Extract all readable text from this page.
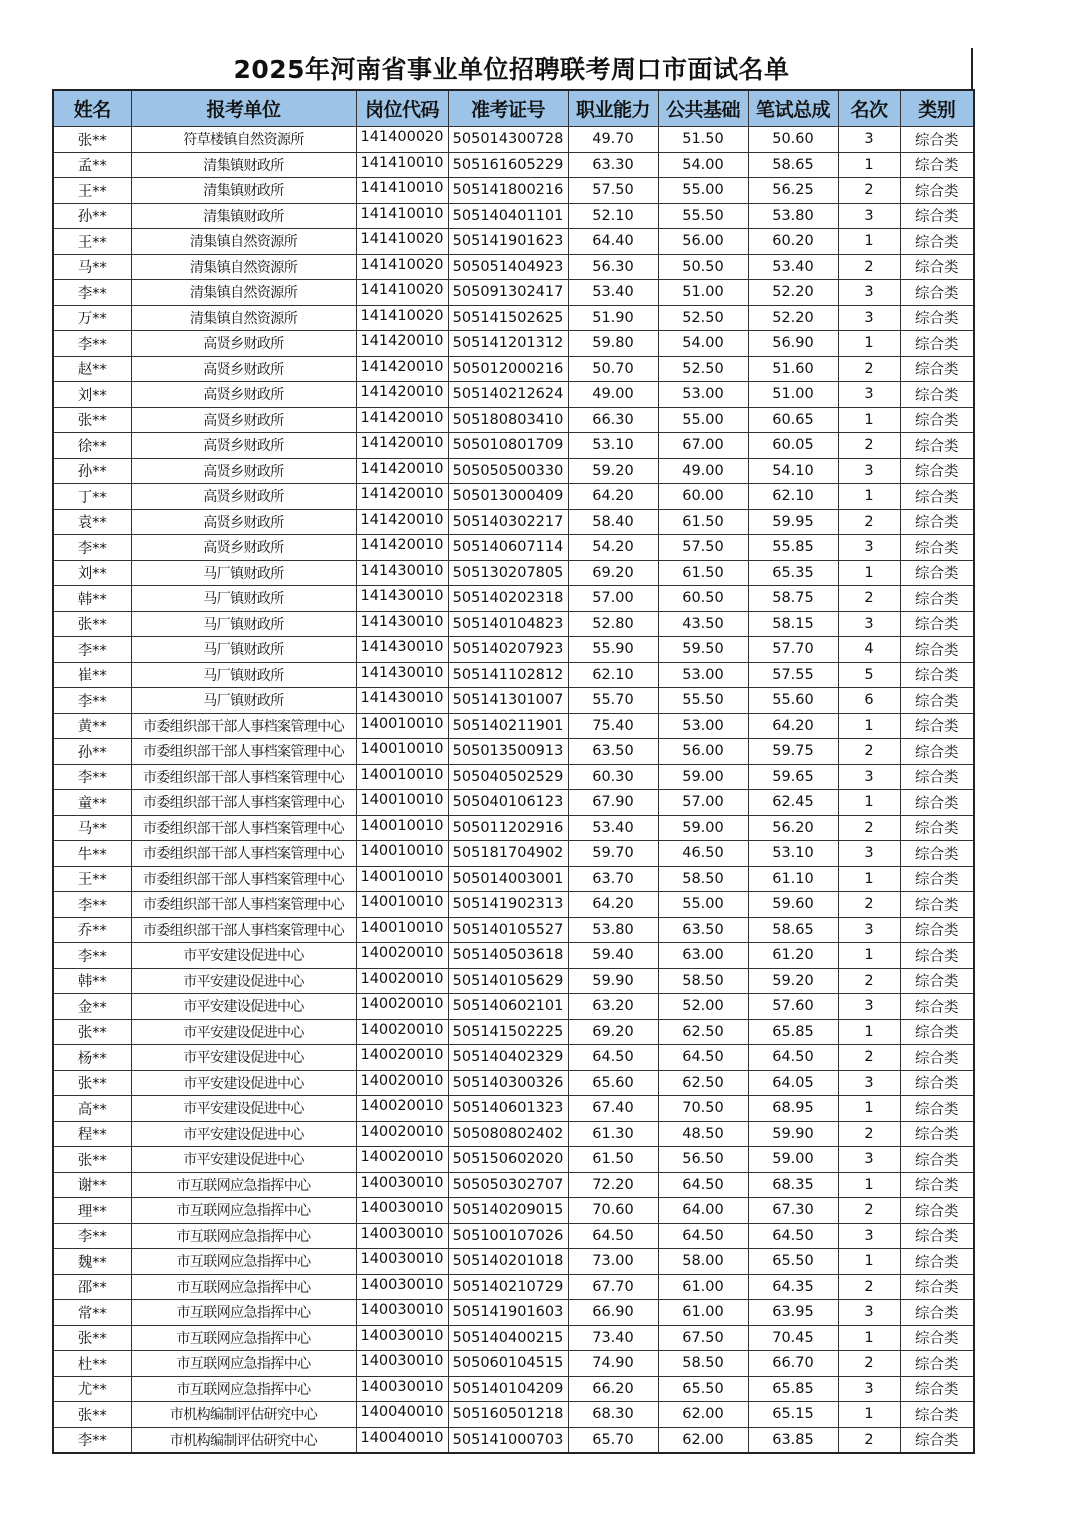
2025年河南省事业单位招聘联考周口市面试名单
姓名	报考单位	岗位代码	准考证号	职业能力	公共基础	笔试总成	名次	类别
张**	符草楼镇自然资源所	141400020	505014300728	49.70	51.50	50.60	3	综合类
孟**	清集镇财政所	141410010	505161605229	63.30	54.00	58.65	1	综合类
王**	清集镇财政所	141410010	505141800216	57.50	55.00	56.25	2	综合类
孙**	清集镇财政所	141410010	505140401101	52.10	55.50	53.80	3	综合类
王**	清集镇自然资源所	141410020	505141901623	64.40	56.00	60.20	1	综合类
马**	清集镇自然资源所	141410020	505051404923	56.30	50.50	53.40	2	综合类
李**	清集镇自然资源所	141410020	505091302417	53.40	51.00	52.20	3	综合类
万**	清集镇自然资源所	141410020	505141502625	51.90	52.50	52.20	3	综合类
李**	高贤乡财政所	141420010	505141201312	59.80	54.00	56.90	1	综合类
赵**	高贤乡财政所	141420010	505012000216	50.70	52.50	51.60	2	综合类
刘**	高贤乡财政所	141420010	505140212624	49.00	53.00	51.00	3	综合类
张**	高贤乡财政所	141420010	505180803410	66.30	55.00	60.65	1	综合类
徐**	高贤乡财政所	141420010	505010801709	53.10	67.00	60.05	2	综合类
孙**	高贤乡财政所	141420010	505050500330	59.20	49.00	54.10	3	综合类
丁**	高贤乡财政所	141420010	505013000409	64.20	60.00	62.10	1	综合类
袁**	高贤乡财政所	141420010	505140302217	58.40	61.50	59.95	2	综合类
李**	高贤乡财政所	141420010	505140607114	54.20	57.50	55.85	3	综合类
刘**	马厂镇财政所	141430010	505130207805	69.20	61.50	65.35	1	综合类
韩**	马厂镇财政所	141430010	505140202318	57.00	60.50	58.75	2	综合类
张**	马厂镇财政所	141430010	505140104823	52.80	43.50	58.15	3	综合类
李**	马厂镇财政所	141430010	505140207923	55.90	59.50	57.70	4	综合类
崔**	马厂镇财政所	141430010	505141102812	62.10	53.00	57.55	5	综合类
李**	马厂镇财政所	141430010	505141301007	55.70	55.50	55.60	6	综合类
黄**	市委组织部干部人事档案管理中心	140010010	505140211901	75.40	53.00	64.20	1	综合类
孙**	市委组织部干部人事档案管理中心	140010010	505013500913	63.50	56.00	59.75	2	综合类
李**	市委组织部干部人事档案管理中心	140010010	505040502529	60.30	59.00	59.65	3	综合类
童**	市委组织部干部人事档案管理中心	140010010	505040106123	67.90	57.00	62.45	1	综合类
马**	市委组织部干部人事档案管理中心	140010010	505011202916	53.40	59.00	56.20	2	综合类
牛**	市委组织部干部人事档案管理中心	140010010	505181704902	59.70	46.50	53.10	3	综合类
王**	市委组织部干部人事档案管理中心	140010010	505014003001	63.70	58.50	61.10	1	综合类
李**	市委组织部干部人事档案管理中心	140010010	505141902313	64.20	55.00	59.60	2	综合类
乔**	市委组织部干部人事档案管理中心	140010010	505140105527	53.80	63.50	58.65	3	综合类
李**	市平安建设促进中心	140020010	505140503618	59.40	63.00	61.20	1	综合类
韩**	市平安建设促进中心	140020010	505140105629	59.90	58.50	59.20	2	综合类
金**	市平安建设促进中心	140020010	505140602101	63.20	52.00	57.60	3	综合类
张**	市平安建设促进中心	140020010	505141502225	69.20	62.50	65.85	1	综合类
杨**	市平安建设促进中心	140020010	505140402329	64.50	64.50	64.50	2	综合类
张**	市平安建设促进中心	140020010	505140300326	65.60	62.50	64.05	3	综合类
高**	市平安建设促进中心	140020010	505140601323	67.40	70.50	68.95	1	综合类
程**	市平安建设促进中心	140020010	505080802402	61.30	48.50	59.90	2	综合类
张**	市平安建设促进中心	140020010	505150602020	61.50	56.50	59.00	3	综合类
谢**	市互联网应急指挥中心	140030010	505050302707	72.20	64.50	68.35	1	综合类
理**	市互联网应急指挥中心	140030010	505140209015	70.60	64.00	67.30	2	综合类
李**	市互联网应急指挥中心	140030010	505100107026	64.50	64.50	64.50	3	综合类
魏**	市互联网应急指挥中心	140030010	505140201018	73.00	58.00	65.50	1	综合类
邵**	市互联网应急指挥中心	140030010	505140210729	67.70	61.00	64.35	2	综合类
常**	市互联网应急指挥中心	140030010	505141901603	66.90	61.00	63.95	3	综合类
张**	市互联网应急指挥中心	140030010	505140400215	73.40	67.50	70.45	1	综合类
杜**	市互联网应急指挥中心	140030010	505060104515	74.90	58.50	66.70	2	综合类
尤**	市互联网应急指挥中心	140030010	505140104209	66.20	65.50	65.85	3	综合类
张**	市机构编制评估研究中心	140040010	505160501218	68.30	62.00	65.15	1	综合类
李**	市机构编制评估研究中心	140040010	505141000703	65.70	62.00	63.85	2	综合类
